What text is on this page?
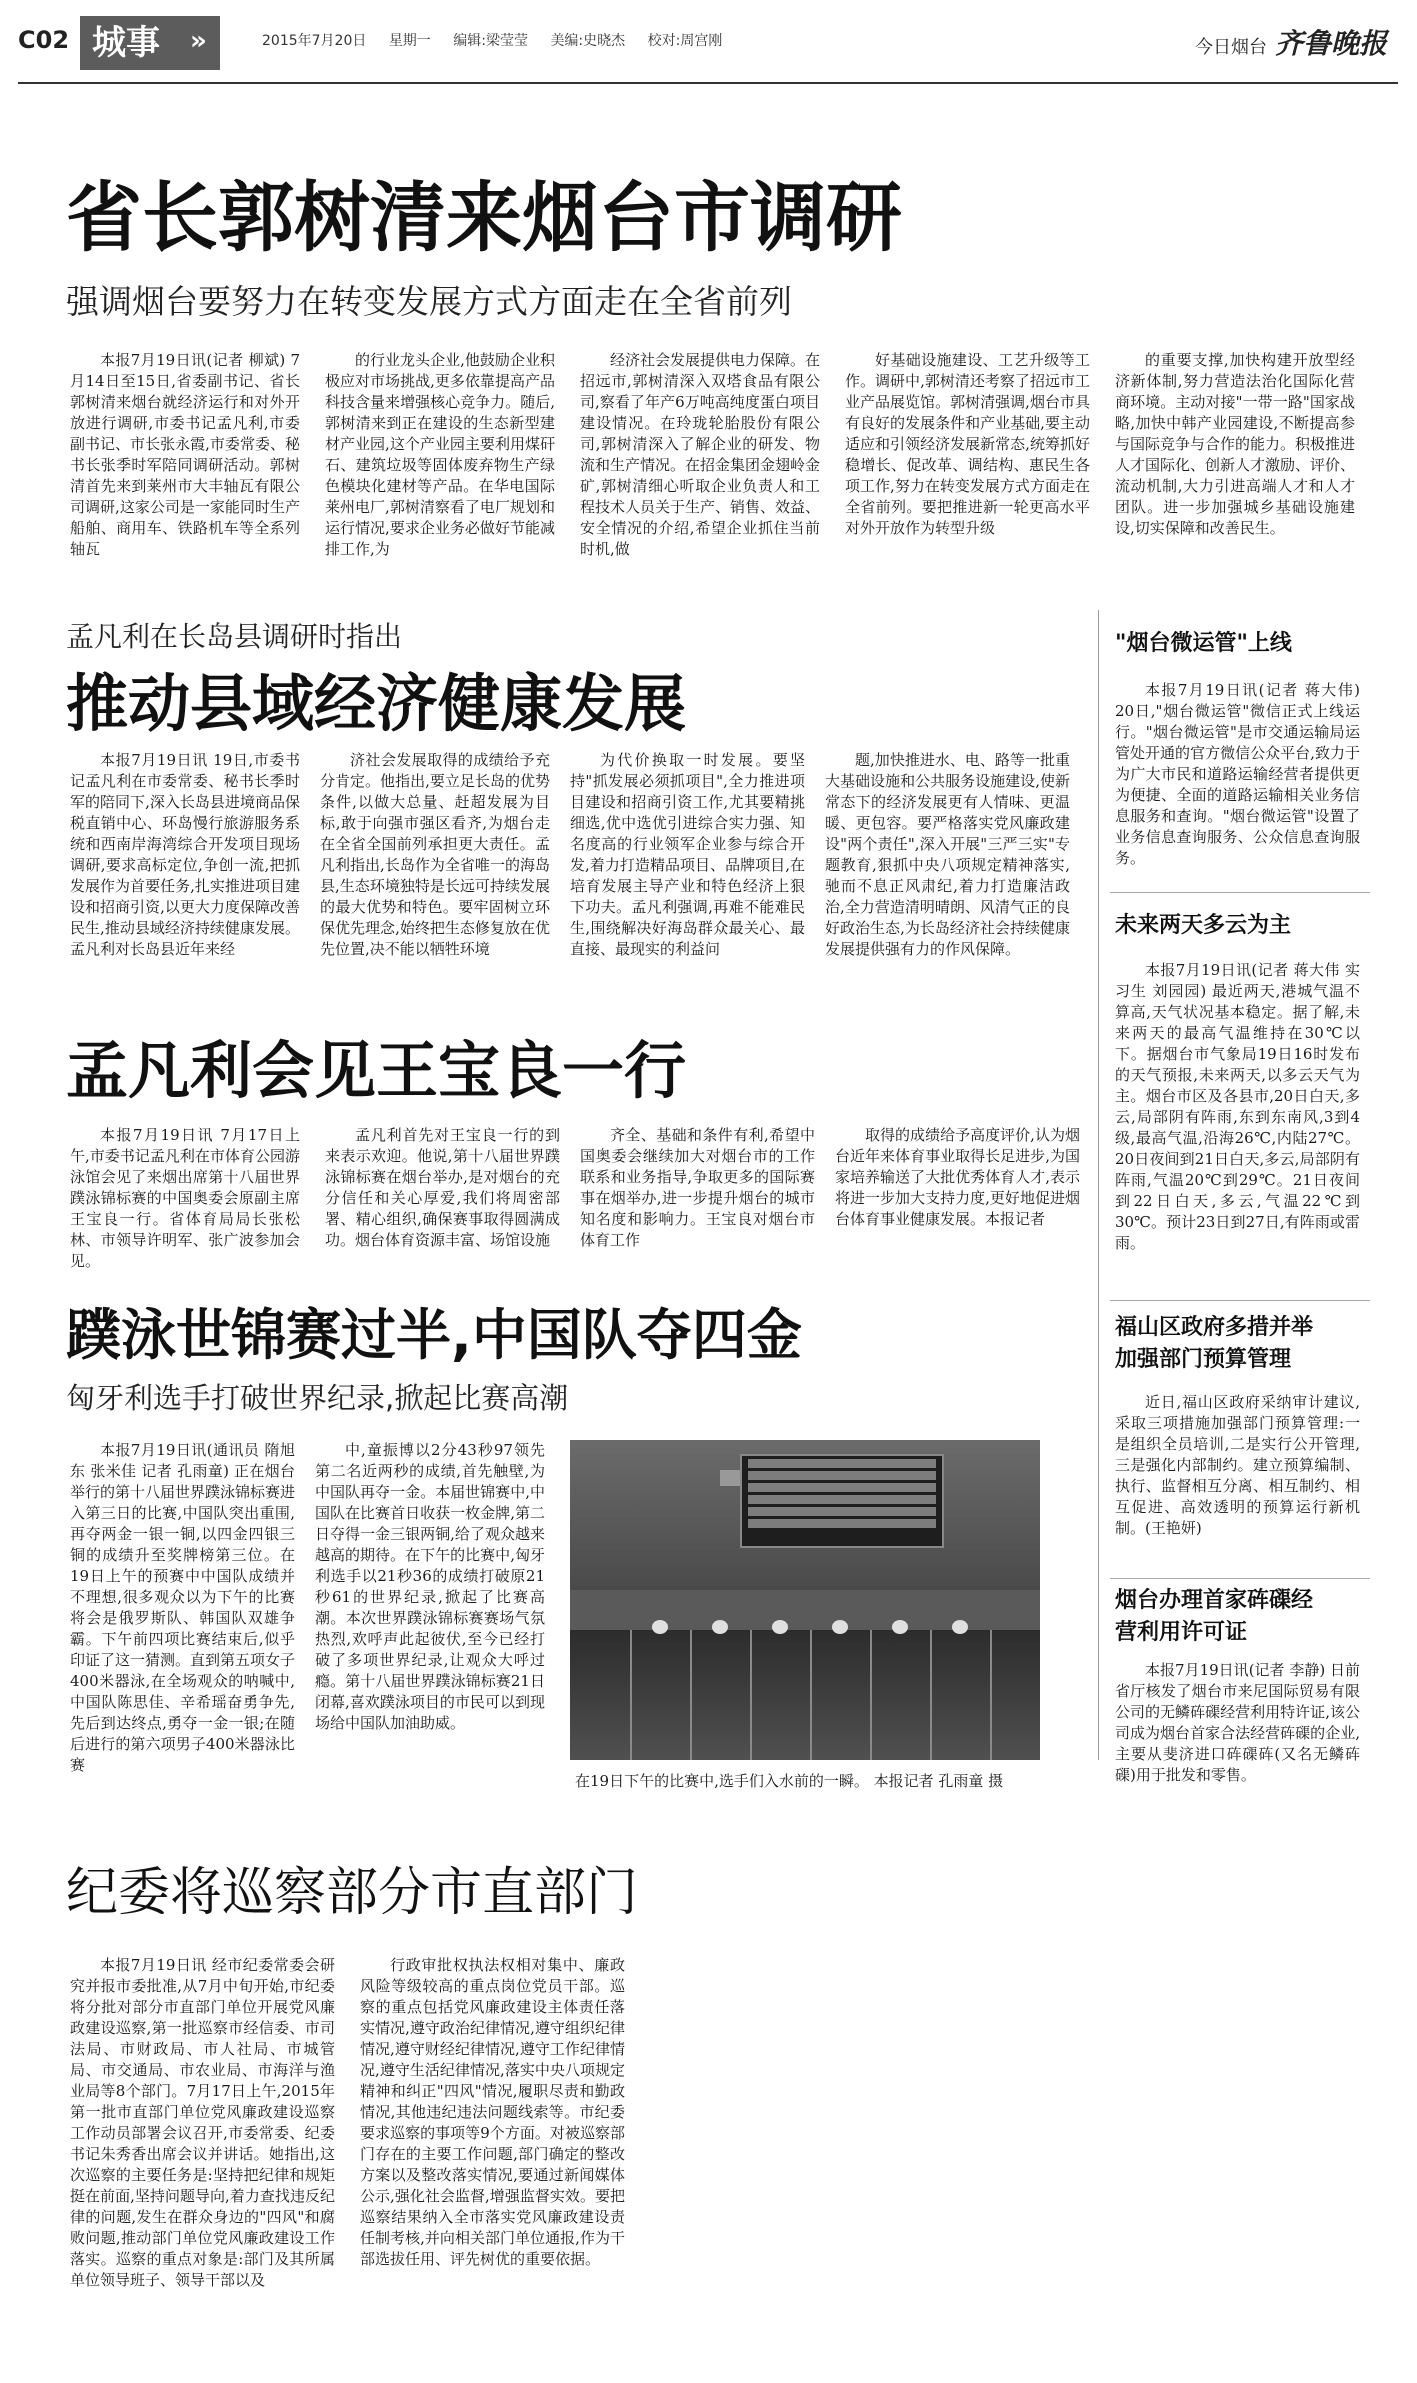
C02 城事	»	2015年7月20日 星期一 编辑:梁莹莹 美编:史晓杰 校对:周宫刚	今日烟台 齐鲁晚报
省长郭树清来烟台市调研
强调烟台要努力在转变发展方式方面走在全省前列

本报7月19日讯(记者 柳斌) 7月14日至15日,省委副书记、省长郭树清来烟台就经济运行和对外开放进行调研,市委书记孟凡利,市委副书记、市长张永霞,市委常委、秘书长张季时军陪同调研活动。郭树清首先来到莱州市大丰轴瓦有限公司调研,这家公司是一家能同时生产船舶、商用车、铁路机车等全系列轴瓦

的行业龙头企业,他鼓励企业积极应对市场挑战,更多依靠提高产品科技含量来增强核心竞争力。随后,郭树清来到正在建设的生态新型建材产业园,这个产业园主要利用煤矸石、建筑垃圾等固体废弃物生产绿色模块化建材等产品。在华电国际莱州电厂,郭树清察看了电厂规划和运行情况,要求企业务必做好节能减排工作,为

经济社会发展提供电力保障。在招远市,郭树清深入双塔食品有限公司,察看了年产6万吨高纯度蛋白项目建设情况。在玲珑轮胎股份有限公司,郭树清深入了解企业的研发、物流和生产情况。在招金集团金翅岭金矿,郭树清细心听取企业负责人和工程技术人员关于生产、销售、效益、安全情况的介绍,希望企业抓住当前时机,做

好基础设施建设、工艺升级等工作。调研中,郭树清还考察了招远市工业产品展览馆。郭树清强调,烟台市具有良好的发展条件和产业基础,要主动适应和引领经济发展新常态,统筹抓好稳增长、促改革、调结构、惠民生各项工作,努力在转变发展方式方面走在全省前列。要把推进新一轮更高水平对外开放作为转型升级

的重要支撑,加快构建开放型经济新体制,努力营造法治化国际化营商环境。主动对接"一带一路"国家战略,加快中韩产业园建设,不断提高参与国际竞争与合作的能力。积极推进人才国际化、创新人才激励、评价、流动机制,大力引进高端人才和人才团队。进一步加强城乡基础设施建设,切实保障和改善民生。

孟凡利在长岛县调研时指出
推动县域经济健康发展

本报7月19日讯 19日,市委书记孟凡利在市委常委、秘书长季时军的陪同下,深入长岛县进境商品保税直销中心、环岛慢行旅游服务系统和西南岸海湾综合开发项目现场调研,要求高标定位,争创一流,把抓发展作为首要任务,扎实推进项目建设和招商引资,以更大力度保障改善民生,推动县域经济持续健康发展。孟凡利对长岛县近年来经

济社会发展取得的成绩给予充分肯定。他指出,要立足长岛的优势条件,以做大总量、赶超发展为目标,敢于向强市强区看齐,为烟台走在全省全国前列承担更大责任。孟凡利指出,长岛作为全省唯一的海岛县,生态环境独特是长远可持续发展的最大优势和特色。要牢固树立环保优先理念,始终把生态修复放在优先位置,决不能以牺牲环境

为代价换取一时发展。要坚持"抓发展必须抓项目",全力推进项目建设和招商引资工作,尤其要精挑细选,优中选优引进综合实力强、知名度高的行业领军企业参与综合开发,着力打造精品项目、品牌项目,在培育发展主导产业和特色经济上狠下功夫。孟凡利强调,再难不能难民生,围绕解决好海岛群众最关心、最直接、最现实的利益问

题,加快推进水、电、路等一批重大基础设施和公共服务设施建设,使新常态下的经济发展更有人情味、更温暖、更包容。要严格落实党风廉政建设"两个责任",深入开展"三严三实"专题教育,狠抓中央八项规定精神落实,驰而不息正风肃纪,着力打造廉洁政治,全力营造清明晴朗、风清气正的良好政治生态,为长岛经济社会持续健康发展提供强有力的作风保障。

孟凡利会见王宝良一行

本报7月19日讯 7月17日上午,市委书记孟凡利在市体育公园游泳馆会见了来烟出席第十八届世界蹼泳锦标赛的中国奥委会原副主席王宝良一行。省体育局局长张松林、市领导许明军、张广波参加会见。

孟凡利首先对王宝良一行的到来表示欢迎。他说,第十八届世界蹼泳锦标赛在烟台举办,是对烟台的充分信任和关心厚爱,我们将周密部署、精心组织,确保赛事取得圆满成功。烟台体育资源丰富、场馆设施

齐全、基础和条件有利,希望中国奥委会继续加大对烟台市的工作联系和业务指导,争取更多的国际赛事在烟举办,进一步提升烟台的城市知名度和影响力。王宝良对烟台市体育工作

取得的成绩给予高度评价,认为烟台近年来体育事业取得长足进步,为国家培养输送了大批优秀体育人才,表示将进一步加大支持力度,更好地促进烟台体育事业健康发展。本报记者

蹼泳世锦赛过半,中国队夺四金
匈牙利选手打破世界纪录,掀起比赛高潮

本报7月19日讯(通讯员 隋旭东 张米佳 记者 孔雨童) 正在烟台举行的第十八届世界蹼泳锦标赛进入第三日的比赛,中国队突出重围,再夺两金一银一铜,以四金四银三铜的成绩升至奖牌榜第三位。在19日上午的预赛中中国队成绩并不理想,很多观众以为下午的比赛将会是俄罗斯队、韩国队双雄争霸。下午前四项比赛结束后,似乎印证了这一猜测。直到第五项女子400米器泳,在全场观众的呐喊中,中国队陈思佳、辛希瑶奋勇争先,先后到达终点,勇夺一金一银;在随后进行的第六项男子400米器泳比赛

中,童振博以2分43秒97领先第二名近两秒的成绩,首先触壁,为中国队再夺一金。本届世锦赛中,中国队在比赛首日收获一枚金牌,第二日夺得一金三银两铜,给了观众越来越高的期待。在下午的比赛中,匈牙利选手以21秒36的成绩打破原21秒61的世界纪录,掀起了比赛高潮。本次世界蹼泳锦标赛赛场气氛热烈,欢呼声此起彼伏,至今已经打破了多项世界纪录,让观众大呼过瘾。第十八届世界蹼泳锦标赛21日闭幕,喜欢蹼泳项目的市民可以到现场给中国队加油助威。

在19日下午的比赛中,选手们入水前的一瞬。 本报记者 孔雨童 摄
纪委将巡察部分市直部门

本报7月19日讯 经市纪委常委会研究并报市委批准,从7月中旬开始,市纪委将分批对部分市直部门单位开展党风廉政建设巡察,第一批巡察市经信委、市司法局、市财政局、市人社局、市城管局、市交通局、市农业局、市海洋与渔业局等8个部门。7月17日上午,2015年第一批市直部门单位党风廉政建设巡察工作动员部署会议召开,市委常委、纪委书记朱秀香出席会议并讲话。她指出,这次巡察的主要任务是:坚持把纪律和规矩挺在前面,坚持问题导向,着力查找违反纪律的问题,发生在群众身边的"四风"和腐败问题,推动部门单位党风廉政建设工作落实。巡察的重点对象是:部门及其所属单位领导班子、领导干部以及

行政审批权执法权相对集中、廉政风险等级较高的重点岗位党员干部。巡察的重点包括党风廉政建设主体责任落实情况,遵守政治纪律情况,遵守组织纪律情况,遵守财经纪律情况,遵守工作纪律情况,遵守生活纪律情况,落实中央八项规定精神和纠正"四风"情况,履职尽责和勤政情况,其他违纪违法问题线索等。市纪委要求巡察的事项等9个方面。对被巡察部门存在的主要工作问题,部门确定的整改方案以及整改落实情况,要通过新闻媒体公示,强化社会监督,增强监督实效。要把巡察结果纳入全市落实党风廉政建设责任制考核,并向相关部门单位通报,作为干部选拔任用、评先树优的重要依据。

"烟台微运管"上线

本报7月19日讯(记者 蒋大伟) 20日,"烟台微运管"微信正式上线运行。"烟台微运管"是市交通运输局运管处开通的官方微信公众平台,致力于为广大市民和道路运输经营者提供更为便捷、全面的道路运输相关业务信息服务和查询。"烟台微运管"设置了业务信息查询服务、公众信息查询服务。

未来两天多云为主

本报7月19日讯(记者 蒋大伟 实习生 刘园园) 最近两天,港城气温不算高,天气状况基本稳定。据了解,未来两天的最高气温维持在30℃以下。据烟台市气象局19日16时发布的天气预报,未来两天,以多云天气为主。烟台市区及各县市,20日白天,多云,局部阴有阵雨,东到东南风,3到4级,最高气温,沿海26℃,内陆27℃。20日夜间到21日白天,多云,局部阴有阵雨,气温20℃到29℃。21日夜间到22日白天,多云,气温22℃到30℃。预计23日到27日,有阵雨或雷雨。

福山区政府多措并举加强部门预算管理

近日,福山区政府采纳审计建议,采取三项措施加强部门预算管理:一是组织全员培训,二是实行公开管理,三是强化内部制约。建立预算编制、执行、监督相互分离、相互制约、相互促进、高效透明的预算运行新机制。(王艳妍)

烟台办理首家砗磲经营利用许可证

本报7月19日讯(记者 李静) 日前省厅核发了烟台市来尼国际贸易有限公司的无鳞砗磲经营利用特许证,该公司成为烟台首家合法经营砗磲的企业,主要从斐济进口砗磲砗(又名无鳞砗磲)用于批发和零售。
